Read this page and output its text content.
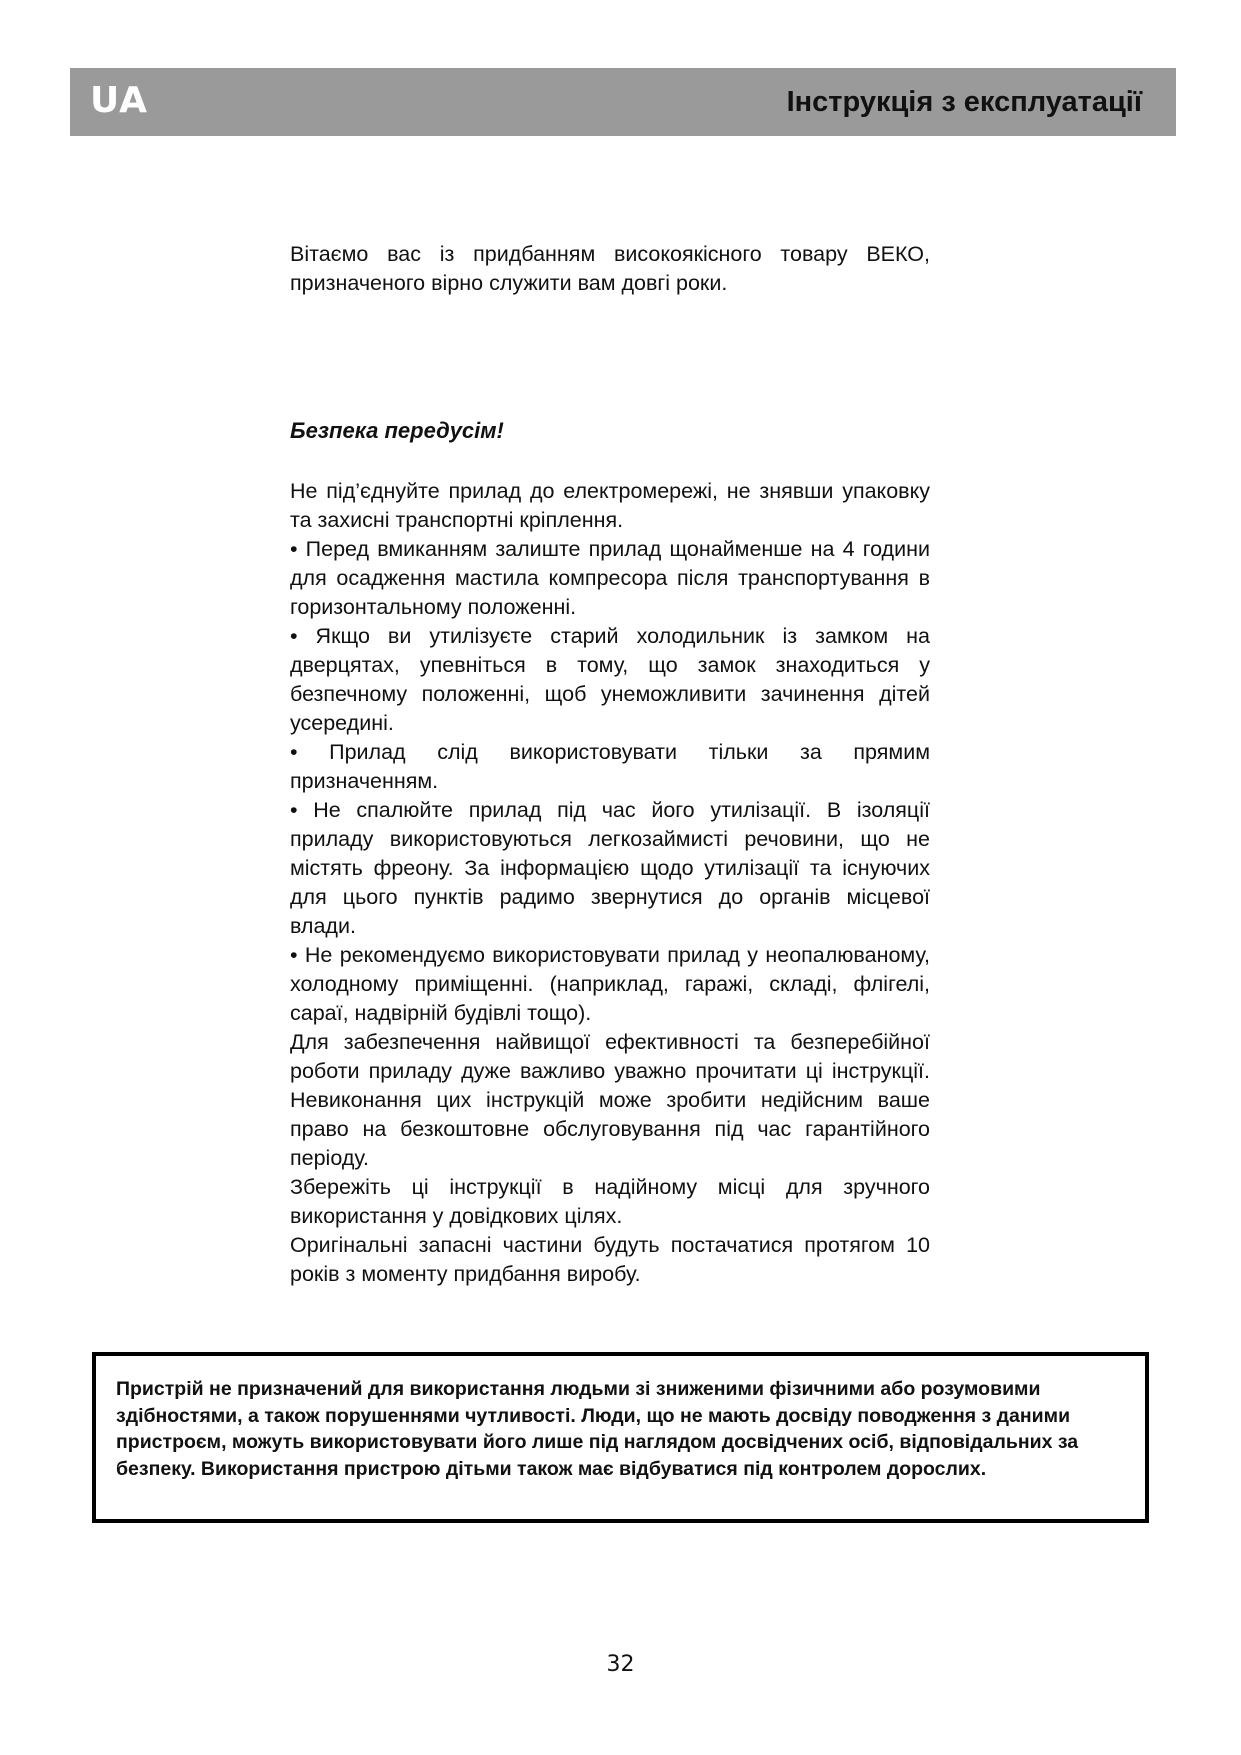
UA	Інструкція з експлуатації

Вітаємо вас із придбанням високоякісного товару ВЕКО, призначеного вірно служити вам довгі роки.

Безпека передусім!

Не під’єднуйте прилад до електромережі, не знявши упаковку та захисні транспортні кріплення.

• Перед вмиканням залиште прилад щонайменше на 4 години для осадження мастила компресора після транспортування в горизонтальному положенні.

• Якщо ви утилізуєте старий холодильник із замком на дверцятах, упевніться в тому, що замок знаходиться у безпечному положенні, щоб унеможливити зачинення дітей усередині.

• Прилад слід використовувати тільки за прямим призначенням.

• Не спалюйте прилад під час його утилізації. В ізоляції приладу використовуються легкозаймисті речовини, що не містять фреону. За інформацією щодо утилізації та існуючих для цього пунктів радимо звернутися до органів місцевої влади.

• Не рекомендуємо використовувати прилад у неопалюваному, холодному приміщенні. (наприклад, гаражі, складі, флігелі, сараї, надвірній будівлі тощо).

Для забезпечення найвищої ефективності та безперебійної роботи приладу дуже важливо уважно прочитати ці інструкції. Невиконання цих інструкцій може зробити недійсним ваше право на безкоштовне обслуговування під час гарантійного періоду.

Збережіть ці інструкції в надійному місці для зручного використання у довідкових цілях.

Оригінальні запасні частини будуть постачатися протягом 10 років з моменту придбання виробу.

Пристрій не призначений для використання людьми зі зниженими фізичними або розумовими здібностями, а також порушеннями чутливості. Люди, що не мають досвіду поводження з даними пристроєм, можуть використовувати його лише під наглядом досвідчених осіб, відповідальних за безпеку. Використання пристрою дітьми також має відбуватися під контролем дорослих.

32
